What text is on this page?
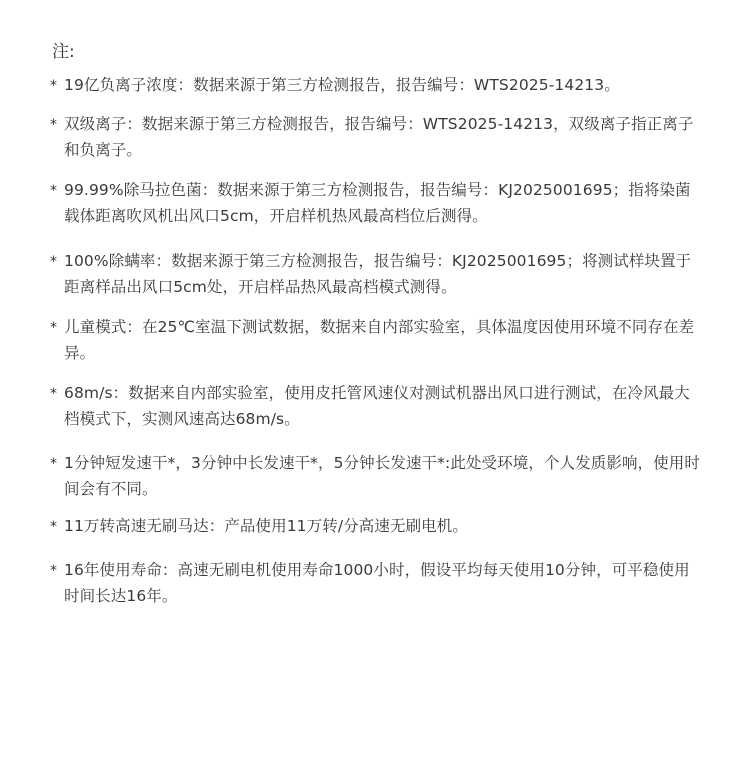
注:
* 19亿负离子浓度：数据来源于第三方检测报告，报告编号：WTS2025-14213。
* 双级离子：数据来源于第三方检测报告，报告编号：WTS2025-14213，双级离子指正离子和负离子。
* 99.99%除马拉色菌：数据来源于第三方检测报告，报告编号：KJ2025001695；指将染菌载体距离吹风机出风口5cm，开启样机热风最高档位后测得。
* 100%除螨率：数据来源于第三方检测报告，报告编号：KJ2025001695；将测试样块置于距离样品出风口5cm处，开启样品热风最高档模式测得。
* 儿童模式：在25℃室温下测试数据，数据来自内部实验室，具体温度因使用环境不同存在差异。
* 68m/s：数据来自内部实验室，使用皮托管风速仪对测试机器出风口进行测试，在冷风最大档模式下，实测风速高达68m/s。
* 1分钟短发速干*，3分钟中长发速干*，5分钟长发速干*:此处受环境，个人发质影响，使用时间会有不同。
* 11万转高速无刷马达：产品使用11万转/分高速无刷电机。
* 16年使用寿命：高速无刷电机使用寿命1000小时，假设平均每天使用10分钟，可平稳使用时间长达16年。
